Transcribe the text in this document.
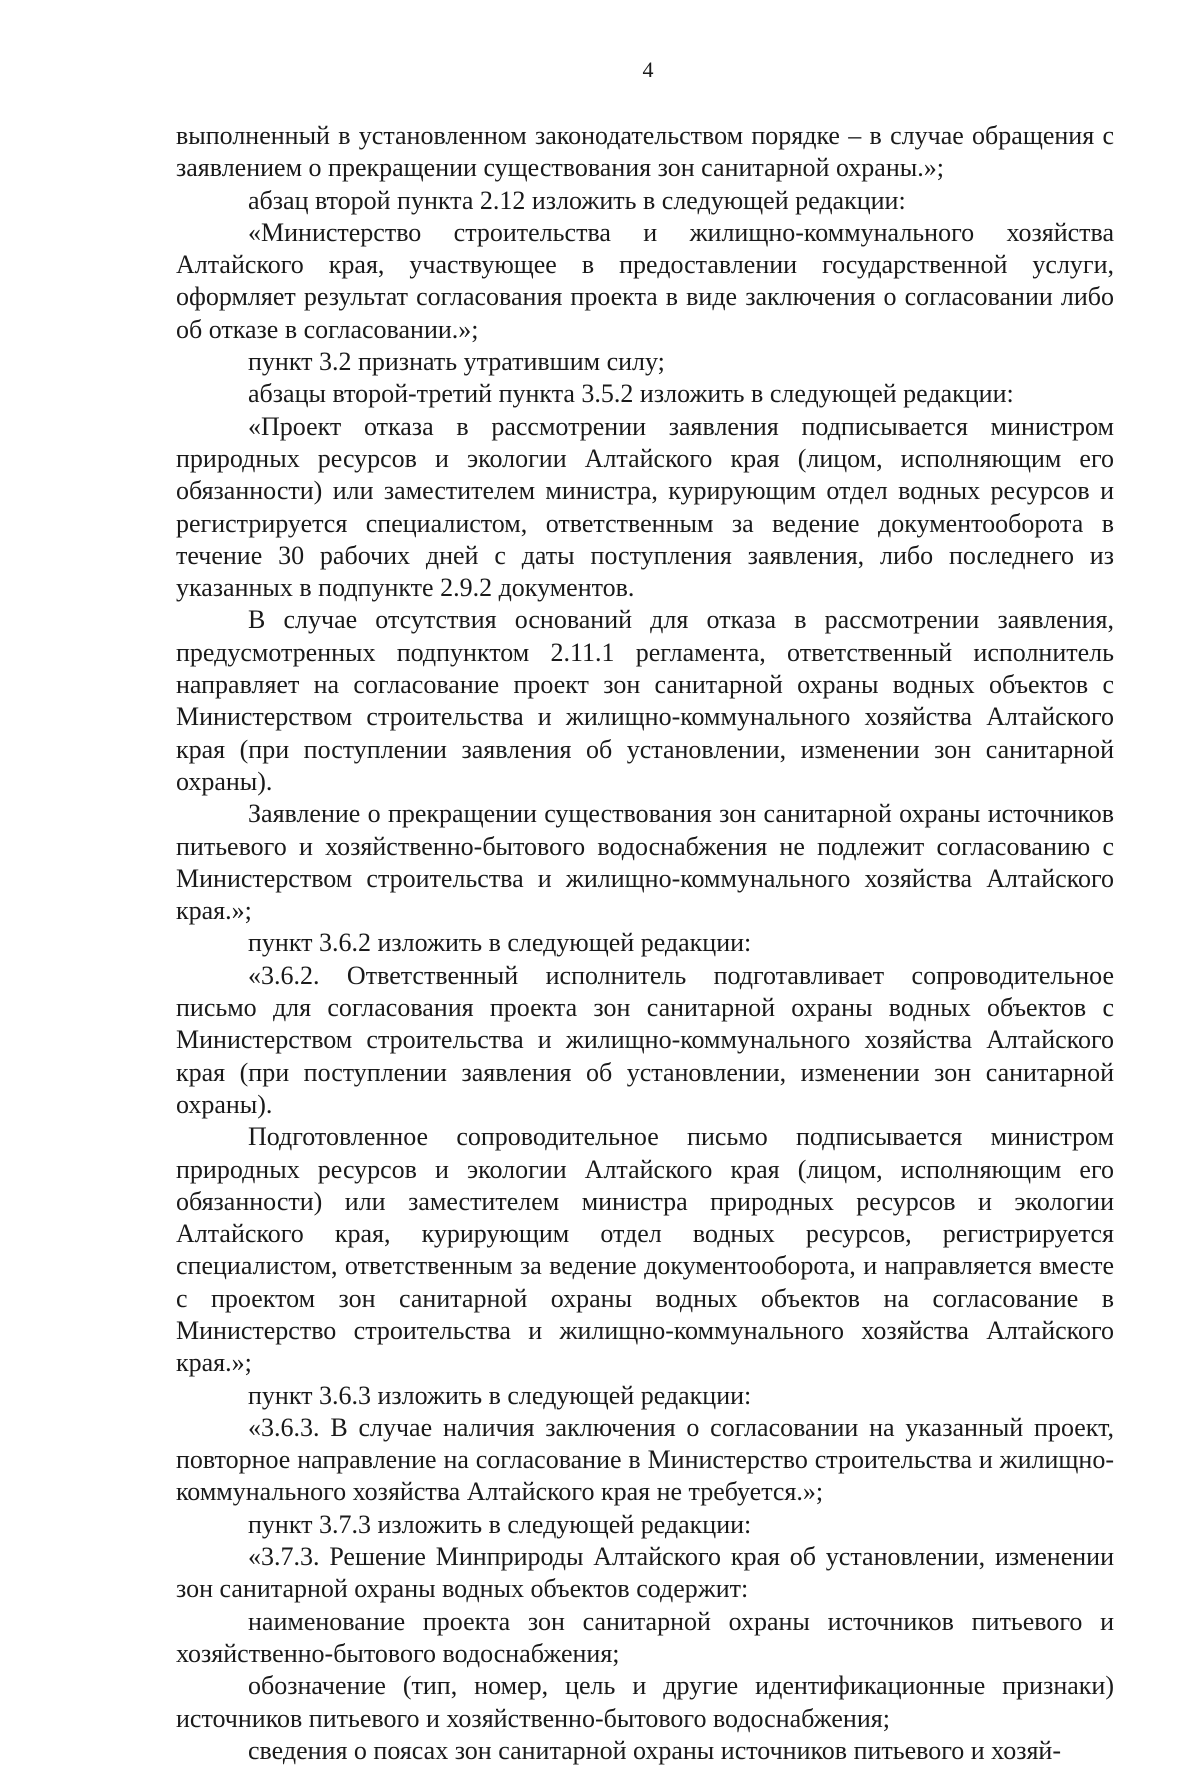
4

выполненный в установленном законодательством порядке – в случае обращения с заявлением о прекращении существования зон санитарной охраны.»;

абзац второй пункта 2.12 изложить в следующей редакции:

«Министерство строительства и жилищно-коммунального хозяйства Алтайского края, участвующее в предоставлении государственной услуги, оформляет результат согласования проекта в виде заключения о согласовании либо об отказе в согласовании.»;

пункт 3.2 признать утратившим силу;

абзацы второй-третий пункта 3.5.2 изложить в следующей редакции:

«Проект отказа в рассмотрении заявления подписывается министром природных ресурсов и экологии Алтайского края (лицом, исполняющим его обязанности) или заместителем министра, курирующим отдел водных ресурсов и регистрируется специалистом, ответственным за ведение документооборота в течение 30 рабочих дней с даты поступления заявления, либо последнего из указанных в подпункте 2.9.2 документов.

В случае отсутствия оснований для отказа в рассмотрении заявления, предусмотренных подпунктом 2.11.1 регламента, ответственный исполнитель направляет на согласование проект зон санитарной охраны водных объектов с Министерством строительства и жилищно-коммунального хозяйства Алтайского края (при поступлении заявления об установлении, изменении зон санитарной охраны).

Заявление о прекращении существования зон санитарной охраны источников питьевого и хозяйственно-бытового водоснабжения не подлежит согласованию с Министерством строительства и жилищно-коммунального хозяйства Алтайского края.»;

пункт 3.6.2 изложить в следующей редакции:

«3.6.2. Ответственный исполнитель подготавливает сопроводительное письмо для согласования проекта зон санитарной охраны водных объектов с Министерством строительства и жилищно-коммунального хозяйства Алтайского края (при поступлении заявления об установлении, изменении зон санитарной охраны).

Подготовленное сопроводительное письмо подписывается министром природных ресурсов и экологии Алтайского края (лицом, исполняющим его обязанности) или заместителем министра природных ресурсов и экологии Алтайского края, курирующим отдел водных ресурсов, регистрируется специалистом, ответственным за ведение документооборота, и направляется вместе с проектом зон санитарной охраны водных объектов на согласование в Министерство строительства и жилищно-коммунального хозяйства Алтайского края.»;

пункт 3.6.3 изложить в следующей редакции:

«3.6.3. В случае наличия заключения о согласовании на указанный проект, повторное направление на согласование в Министерство строительства и жилищно-коммунального хозяйства Алтайского края не требуется.»;

пункт 3.7.3 изложить в следующей редакции:

«3.7.3. Решение Минприроды Алтайского края об установлении, изменении зон санитарной охраны водных объектов содержит:

наименование проекта зон санитарной охраны источников питьевого и хозяйственно-бытового водоснабжения;

обозначение (тип, номер, цель и другие идентификационные признаки) источников питьевого и хозяйственно-бытового водоснабжения;

сведения о поясах зон санитарной охраны источников питьевого и хозяй-
